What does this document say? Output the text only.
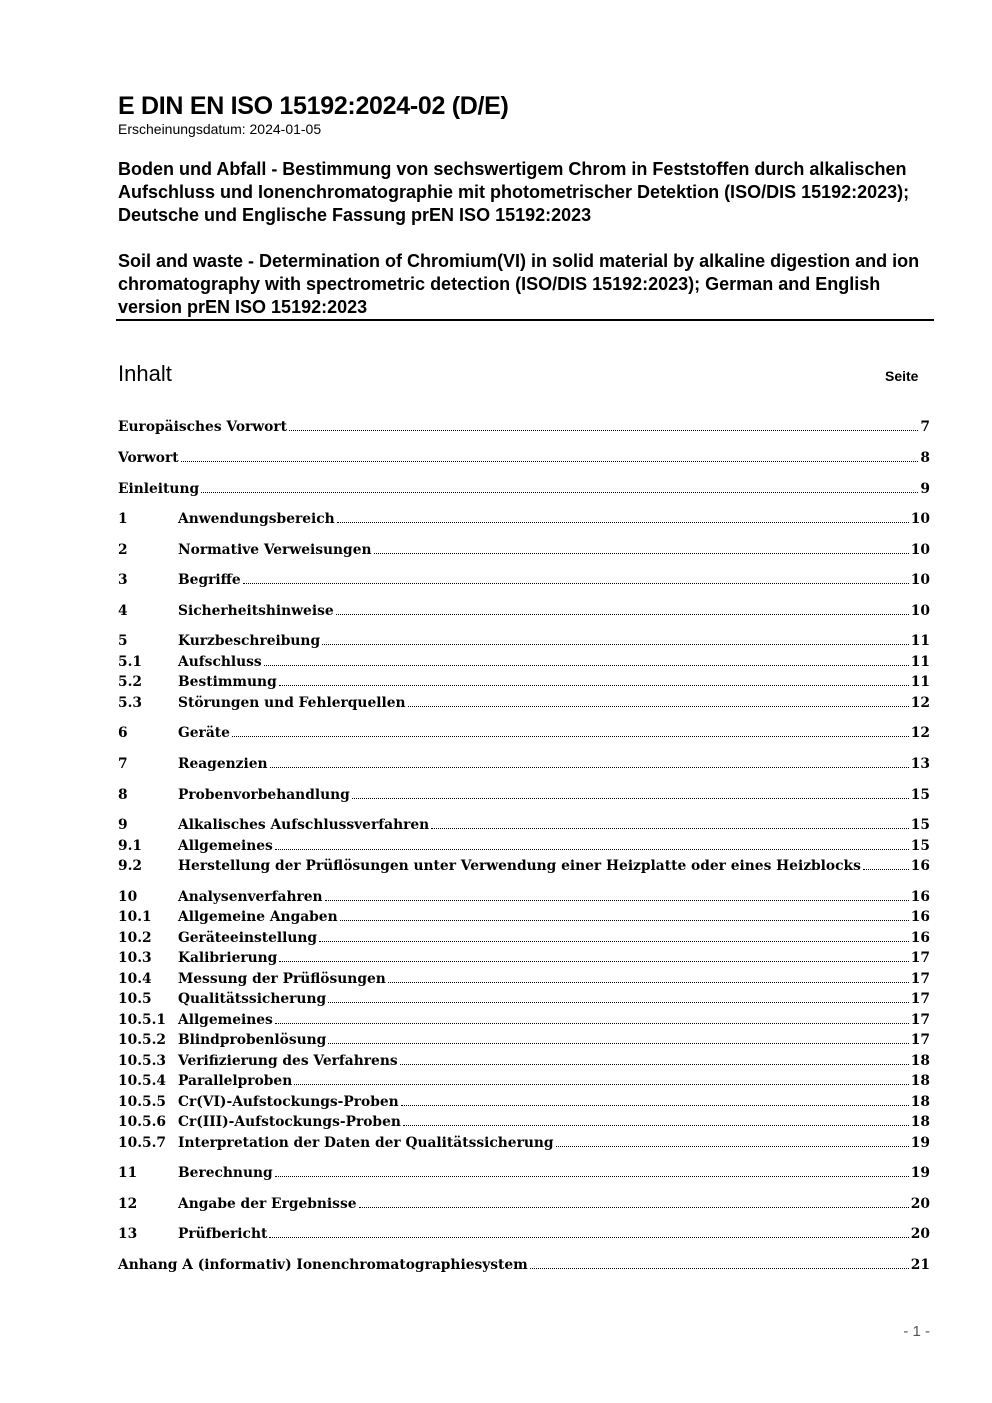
E DIN EN ISO 15192:2024-02 (D/E)
Erscheinungsdatum: 2024-01-05
Boden und Abfall - Bestimmung von sechswertigem Chrom in Feststoffen durch alkalischen Aufschluss und Ionenchromatographie mit photometrischer Detektion (ISO/DIS 15192:2023); Deutsche und Englische Fassung prEN ISO 15192:2023
Soil and waste - Determination of Chromium(VI) in solid material by alkaline digestion and ion chromatography with spectrometric detection (ISO/DIS 15192:2023); German and English version prEN ISO 15192:2023
Inhalt	Seite
Europäisches Vorwort	7
Vorwort	8
Einleitung	9
1	Anwendungsbereich	10
2	Normative Verweisungen	10
3	Begriffe	10
4	Sicherheitshinweise	10
5	Kurzbeschreibung	11
5.1	Aufschluss	11
5.2	Bestimmung	11
5.3	Störungen und Fehlerquellen	12
6	Geräte	12
7	Reagenzien	13
8	Probenvorbehandlung	15
9	Alkalisches Aufschlussverfahren	15
9.1	Allgemeines	15
9.2	Herstellung der Prüflösungen unter Verwendung einer Heizplatte oder eines Heizblocks	16
10	Analysenverfahren	16
10.1	Allgemeine Angaben	16
10.2	Geräteeinstellung	16
10.3	Kalibrierung	17
10.4	Messung der Prüflösungen	17
10.5	Qualitätssicherung	17
10.5.1 Allgemeines	17
10.5.2 Blindprobenlösung	17
10.5.3 Verifizierung des Verfahrens	18
10.5.4 Parallelproben	18
10.5.5 Cr(VI)-Aufstockungs-Proben	18
10.5.6 Cr(III)-Aufstockungs-Proben	18
10.5.7 Interpretation der Daten der Qualitätssicherung	19
11	Berechnung	19
12	Angabe der Ergebnisse	20
13	Prüfbericht	20
Anhang A (informativ) Ionenchromatographiesystem	21
- 1 -
